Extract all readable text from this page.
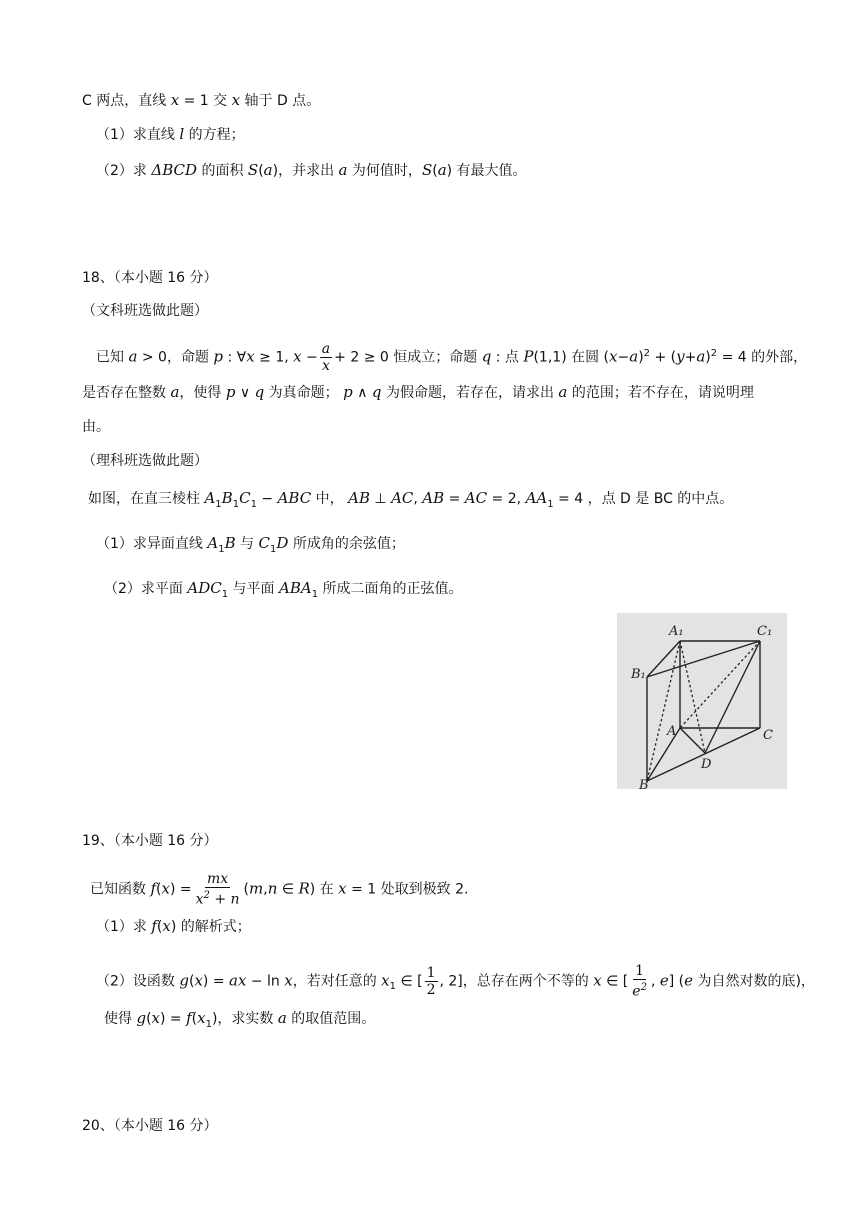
C 两点，直线 x = 1 交 x 轴于 D 点。
（1）求直线 l 的方程；
（2）求 ΔBCD 的面积 S(a)，并求出 a 为何值时，S(a) 有最大值。
18、（本小题 16 分）
（文科班选做此题）
已知 a > 0，命题 p : ∀x ≥ 1, $x - \frac{a}{x} + 2 \ge 0$ 恒成立；命题 q : 点 P(1,1) 在圆 $(x-a)^2 + (y+a)^2 = 4$ 的外部，
是否存在整数 a，使得 p ∨ q 为真命题； p ∧ q 为假命题，若存在，请求出 a 的范围；若不存在，请说明理
由。
（理科班选做此题）
如图，在直三棱柱 $A_1B_1C_1$ − ABC 中， AB ⊥ AC, AB = AC = 2, $AA_1 = 4$ ，点 D 是 BC 的中点。
（1）求异面直线 $A_1B$ 与 $C_1D$ 所成角的余弦值；
（2）求平面 $ADC_1$ 与平面 $ABA_1$ 所成二面角的正弦值。
A₁	C₁
B₁
A	C
D
B
19、（本小题 16 分）
已知函数 $f(x) = \frac{mx}{x^2 + n} (m,n$ ∈ R) 在 x = 1 处取到极致 2.
（1）求 f(x) 的解析式；
（2）设函数 g(x) = ax − ln x，若对任意的 $x_1$ ∈ [ $\frac{1}{2}$ , 2]，总存在两个不等的 x ∈ [ $\frac{1}{e^2}$ , e] (e 为自然对数的底)，
使得 $g(x) = f(x_1)$，求实数 a 的取值范围。
20、（本小题 16 分）
